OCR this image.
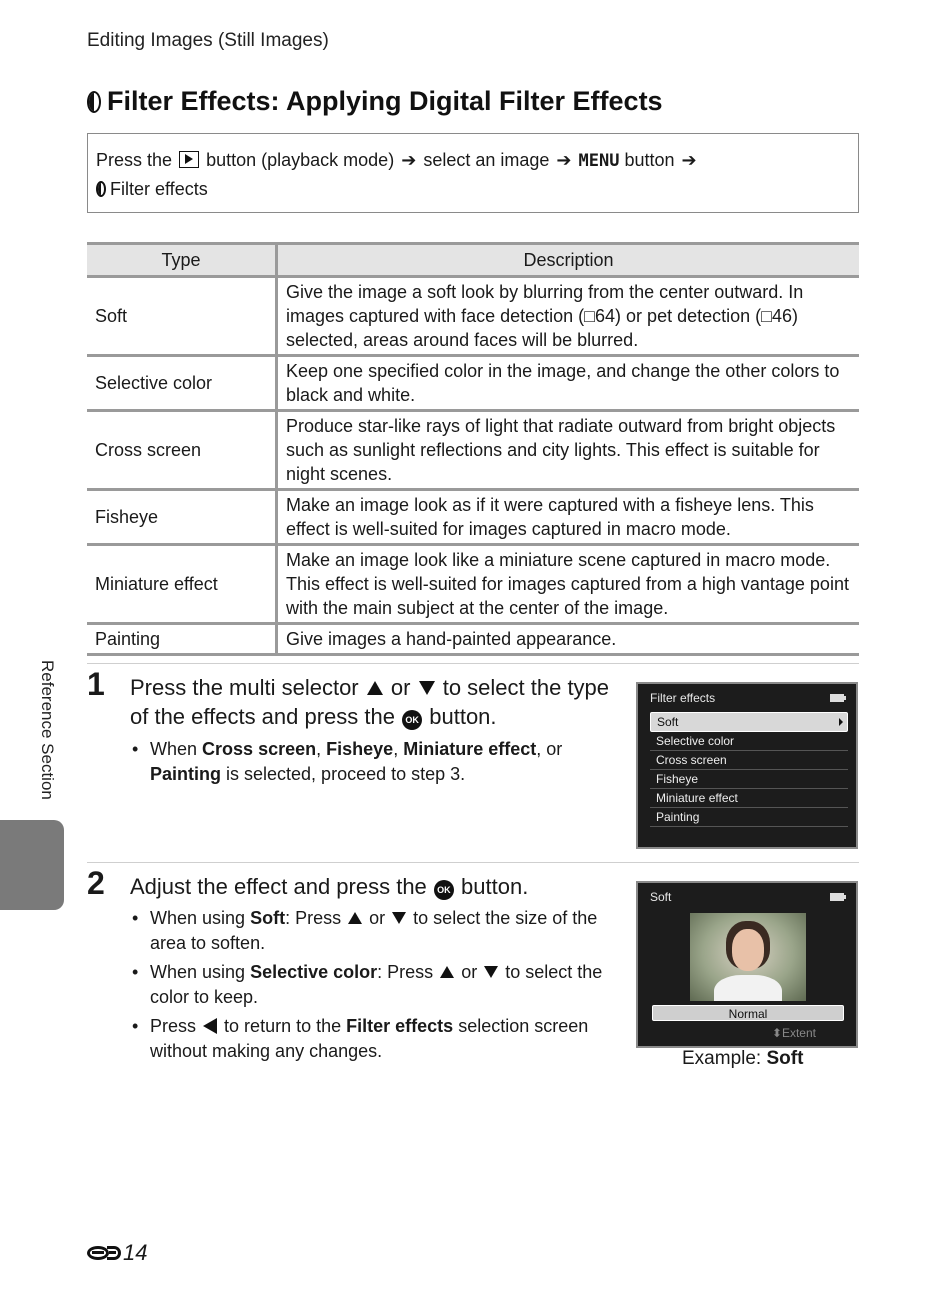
Editing Images (Still Images)
Filter Effects: Applying Digital Filter Effects
Press the button (playback mode) ➔ select an image ➔ MENU button ➔
Filter effects
Type	Description
Soft	Give the image a soft look by blurring from the center outward. In images captured with face detection (□64) or pet detection (□46) selected, areas around faces will be blurred.
Selective color	Keep one specified color in the image, and change the other colors to black and white.
Cross screen	Produce star-like rays of light that radiate outward from bright objects such as sunlight reflections and city lights. This effect is suitable for night scenes.
Fisheye	Make an image look as if it were captured with a fisheye lens. This effect is well-suited for images captured in macro mode.
Miniature effect	Make an image look like a miniature scene captured in macro mode. This effect is well-suited for images captured from a high vantage point with the main subject at the center of the image.
Painting	Give images a hand-painted appearance.
Reference Section 1 Press the multi selector or to select the type of the effects and press the OK button.
• When Cross screen, Fisheye, Miniature effect, or Painting is selected, proceed to step 3.
Filter effects
Soft
Selective color
Cross screen
Fisheye
Miniature effect
Painting
2 Adjust the effect and press the OK button.
• When using Soft: Press or to select the size of the area to soften.
• When using Selective color: Press or to select the color to keep.
• Press to return to the Filter effects selection screen without making any changes.
Soft
Normal
⬍Extent
Example: Soft
14
